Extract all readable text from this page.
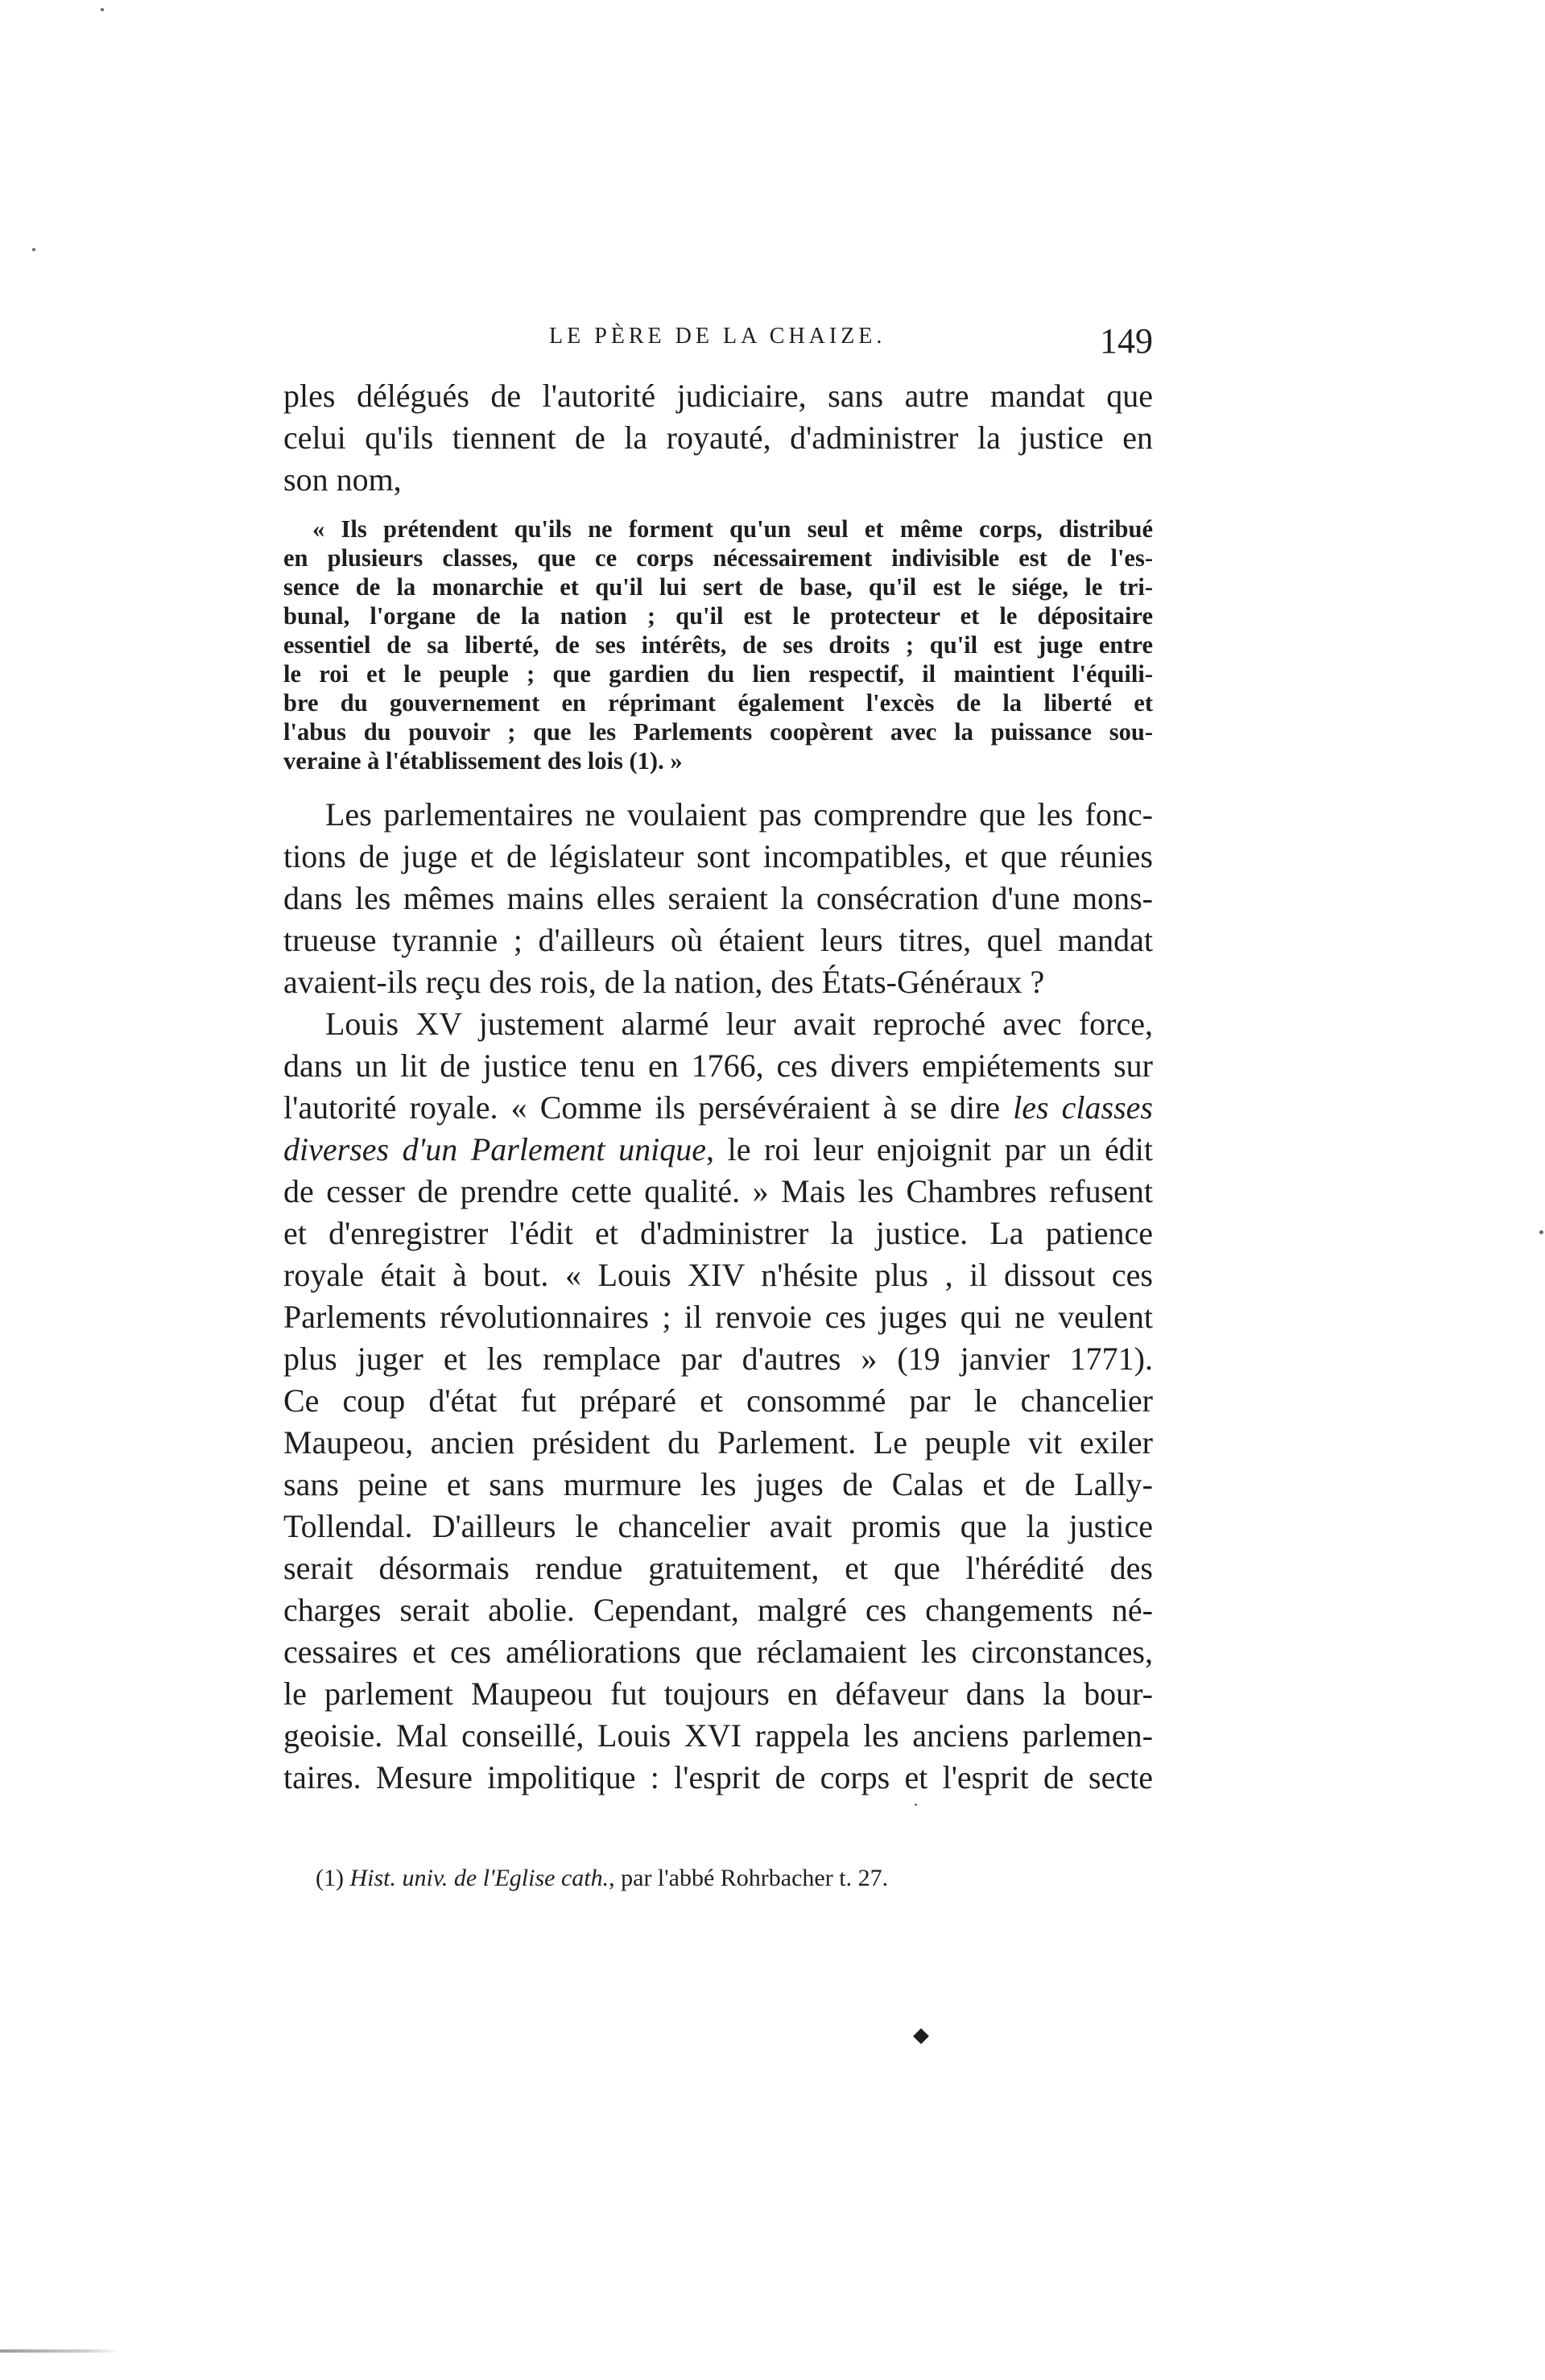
LE PÈRE DE LA CHAIZE.	149
ples délégués de l'autorité judiciaire, sans autre mandat que
celui qu'ils tiennent de la royauté, d'administrer la justice en
son nom,
« Ils prétendent qu'ils ne forment qu'un seul et même corps, distribué
en plusieurs classes, que ce corps nécessairement indivisible est de l'es-
sence de la monarchie et qu'il lui sert de base, qu'il est le siége, le tri-
bunal, l'organe de la nation ; qu'il est le protecteur et le dépositaire
essentiel de sa liberté, de ses intérêts, de ses droits ; qu'il est juge entre
le roi et le peuple ; que gardien du lien respectif, il maintient l'équili-
bre du gouvernement en réprimant également l'excès de la liberté et
l'abus du pouvoir ; que les Parlements coopèrent avec la puissance sou-
veraine à l'établissement des lois (1). »
Les parlementaires ne voulaient pas comprendre que les fonc-
tions de juge et de législateur sont incompatibles, et que réunies
dans les mêmes mains elles seraient la consécration d'une mons-
trueuse tyrannie ; d'ailleurs où étaient leurs titres, quel mandat
avaient-ils reçu des rois, de la nation, des États-Généraux ?
Louis XV justement alarmé leur avait reproché avec force,
dans un lit de justice tenu en 1766, ces divers empiétements sur
l'autorité royale. « Comme ils persévéraient à se dire les classes
diverses d'un Parlement unique, le roi leur enjoignit par un édit
de cesser de prendre cette qualité. » Mais les Chambres refusent
et d'enregistrer l'édit et d'administrer la justice. La patience
royale était à bout. « Louis XIV n'hésite plus , il dissout ces
Parlements révolutionnaires ; il renvoie ces juges qui ne veulent
plus juger et les remplace par d'autres » (19 janvier 1771).
Ce coup d'état fut préparé et consommé par le chancelier
Maupeou, ancien président du Parlement. Le peuple vit exiler
sans peine et sans murmure les juges de Calas et de Lally-
Tollendal. D'ailleurs le chancelier avait promis que la justice
serait désormais rendue gratuitement, et que l'hérédité des
charges serait abolie. Cependant, malgré ces changements né-
cessaires et ces améliorations que réclamaient les circonstances,
le parlement Maupeou fut toujours en défaveur dans la bour-
geoisie. Mal conseillé, Louis XVI rappela les anciens parlemen-
taires. Mesure impolitique : l'esprit de corps et l'esprit de secte
(1) Hist. univ. de l'Eglise cath., par l'abbé Rohrbacher t. 27.
